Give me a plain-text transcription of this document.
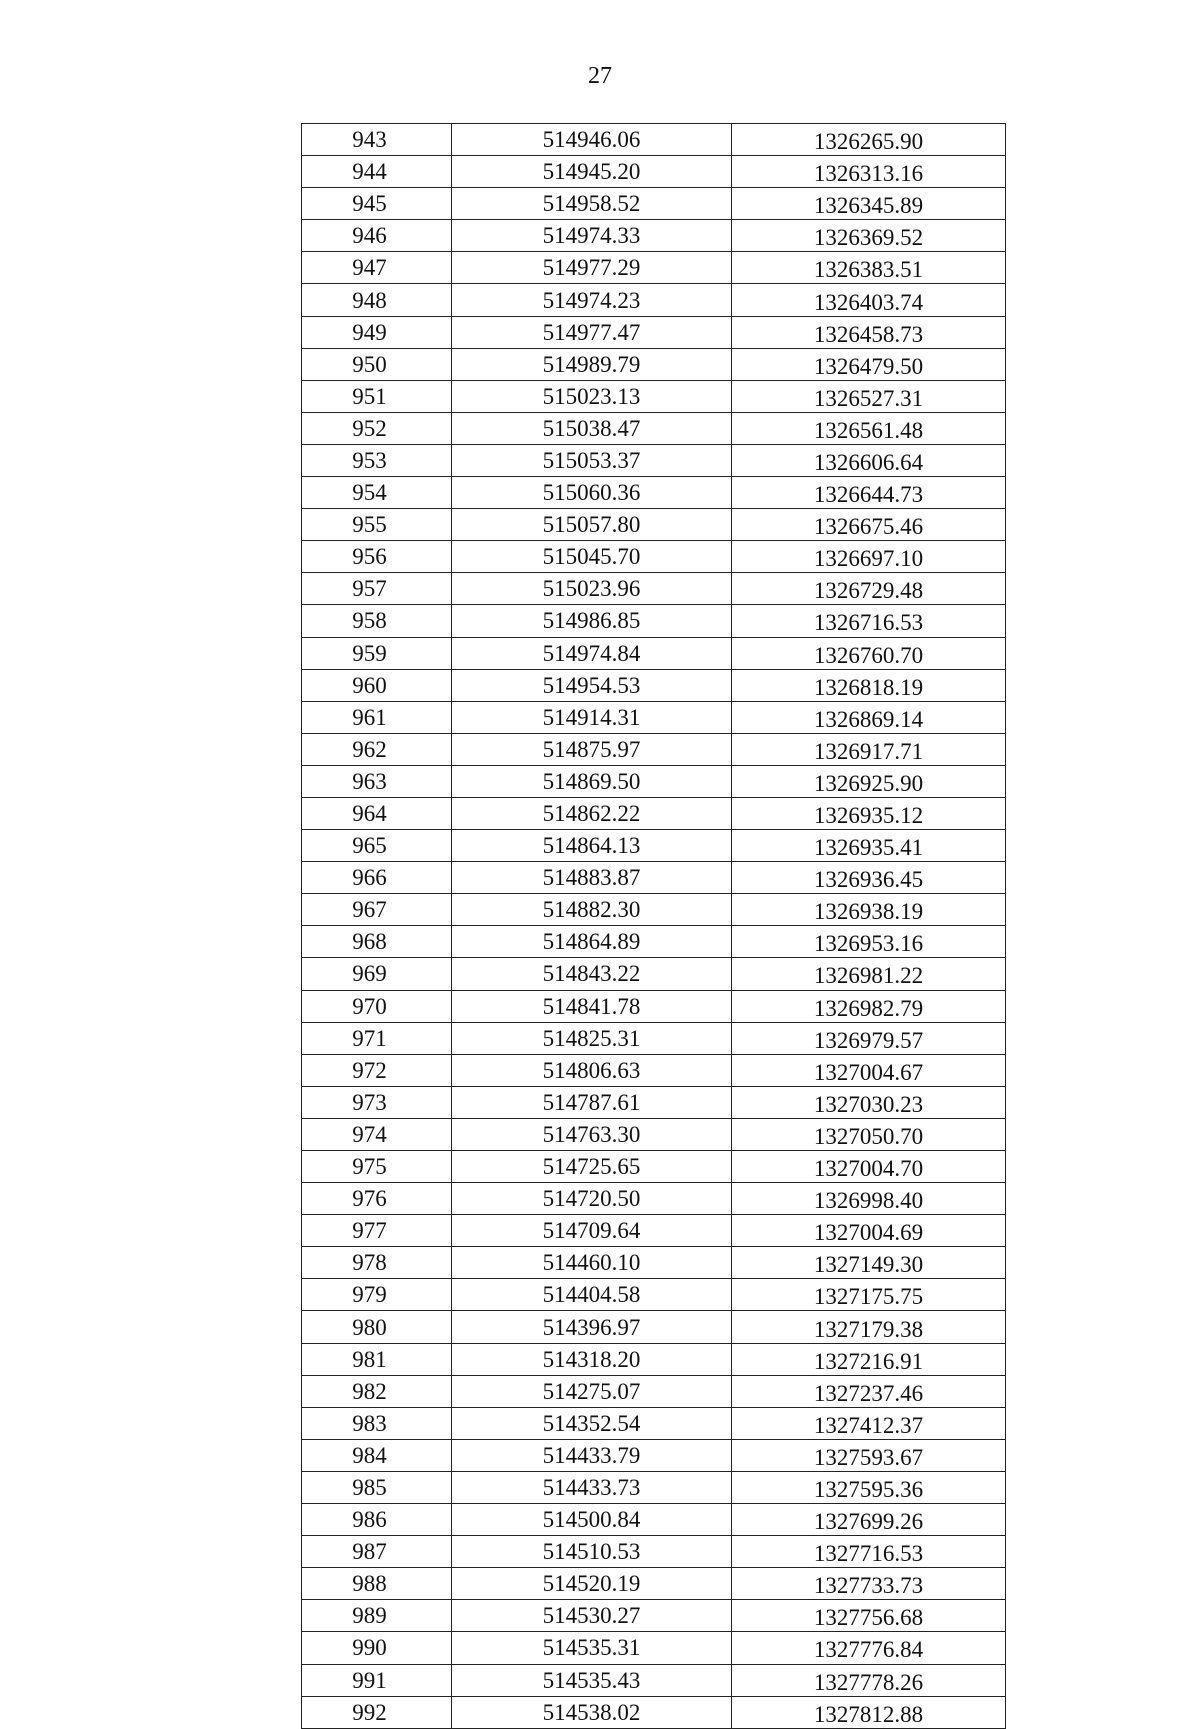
27
943	514946.06	1326265.90
944	514945.20	1326313.16
945	514958.52	1326345.89
946	514974.33	1326369.52
947	514977.29	1326383.51
948	514974.23	1326403.74
949	514977.47	1326458.73
950	514989.79	1326479.50
951	515023.13	1326527.31
952	515038.47	1326561.48
953	515053.37	1326606.64
954	515060.36	1326644.73
955	515057.80	1326675.46
956	515045.70	1326697.10
957	515023.96	1326729.48
958	514986.85	1326716.53
959	514974.84	1326760.70
960	514954.53	1326818.19
961	514914.31	1326869.14
962	514875.97	1326917.71
963	514869.50	1326925.90
964	514862.22	1326935.12
965	514864.13	1326935.41
966	514883.87	1326936.45
967	514882.30	1326938.19
968	514864.89	1326953.16
969	514843.22	1326981.22
970	514841.78	1326982.79
971	514825.31	1326979.57
972	514806.63	1327004.67
973	514787.61	1327030.23
974	514763.30	1327050.70
975	514725.65	1327004.70
976	514720.50	1326998.40
977	514709.64	1327004.69
978	514460.10	1327149.30
979	514404.58	1327175.75
980	514396.97	1327179.38
981	514318.20	1327216.91
982	514275.07	1327237.46
983	514352.54	1327412.37
984	514433.79	1327593.67
985	514433.73	1327595.36
986	514500.84	1327699.26
987	514510.53	1327716.53
988	514520.19	1327733.73
989	514530.27	1327756.68
990	514535.31	1327776.84
991	514535.43	1327778.26
992	514538.02	1327812.88
